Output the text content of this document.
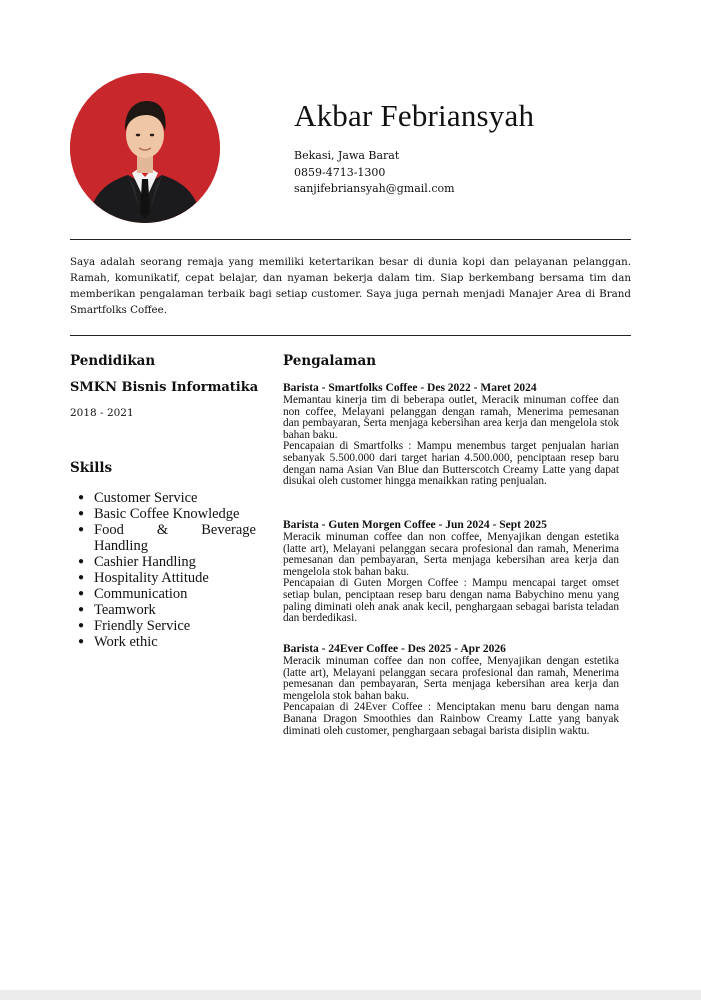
Akbar Febriansyah
Bekasi, Jawa Barat
0859-4713-1300
sanjifebriansyah@gmail.com
Saya adalah seorang remaja yang memiliki ketertarikan besar di dunia kopi dan pelayanan pelanggan. Ramah, komunikatif, cepat belajar, dan nyaman bekerja dalam tim. Siap berkembang bersama tim dan memberikan pengalaman terbaik bagi setiap customer. Saya juga pernah menjadi Manajer Area di Brand Smartfolks Coffee.
Pendidikan
SMKN Bisnis Informatika
2018 - 2021
Skills
● Customer Service
● Basic Coffee Knowledge
● Food & Beverage
Handling
● Cashier Handling
● Hospitality Attitude
● Communication
● Teamwork
● Friendly Service
● Work ethic
Pengalaman
Barista - Smartfolks Coffee - Des 2022 - Maret 2024
Memantau kinerja tim di beberapa outlet, Meracik minuman coffee dan non coffee, Melayani pelanggan dengan ramah, Menerima pemesanan dan pembayaran, Serta menjaga kebersihan area kerja dan mengelola stok bahan baku.
Pencapaian di Smartfolks : Mampu menembus target penjualan harian sebanyak 5.500.000 dari target harian 4.500.000, penciptaan resep baru dengan nama Asian Van Blue dan Butterscotch Creamy Latte yang dapat disukai oleh customer hingga menaikkan rating penjualan.
Barista - Guten Morgen Coffee - Jun 2024 - Sept 2025
Meracik minuman coffee dan non coffee, Menyajikan dengan estetika (latte art), Melayani pelanggan secara profesional dan ramah, Menerima pemesanan dan pembayaran, Serta menjaga kebersihan area kerja dan mengelola stok bahan baku.
Pencapaian di Guten Morgen Coffee : Mampu mencapai target omset setiap bulan, penciptaan resep baru dengan nama Babychino menu yang paling diminati oleh anak anak kecil, penghargaan sebagai barista teladan dan berdedikasi.
Barista - 24Ever Coffee - Des 2025 - Apr 2026
Meracik minuman coffee dan non coffee, Menyajikan dengan estetika (latte art), Melayani pelanggan secara profesional dan ramah, Menerima pemesanan dan pembayaran, Serta menjaga kebersihan area kerja dan mengelola stok bahan baku.
Pencapaian di 24Ever Coffee : Menciptakan menu baru dengan nama Banana Dragon Smoothies dan Rainbow Creamy Latte yang banyak diminati oleh customer, penghargaan sebagai barista disiplin waktu.
